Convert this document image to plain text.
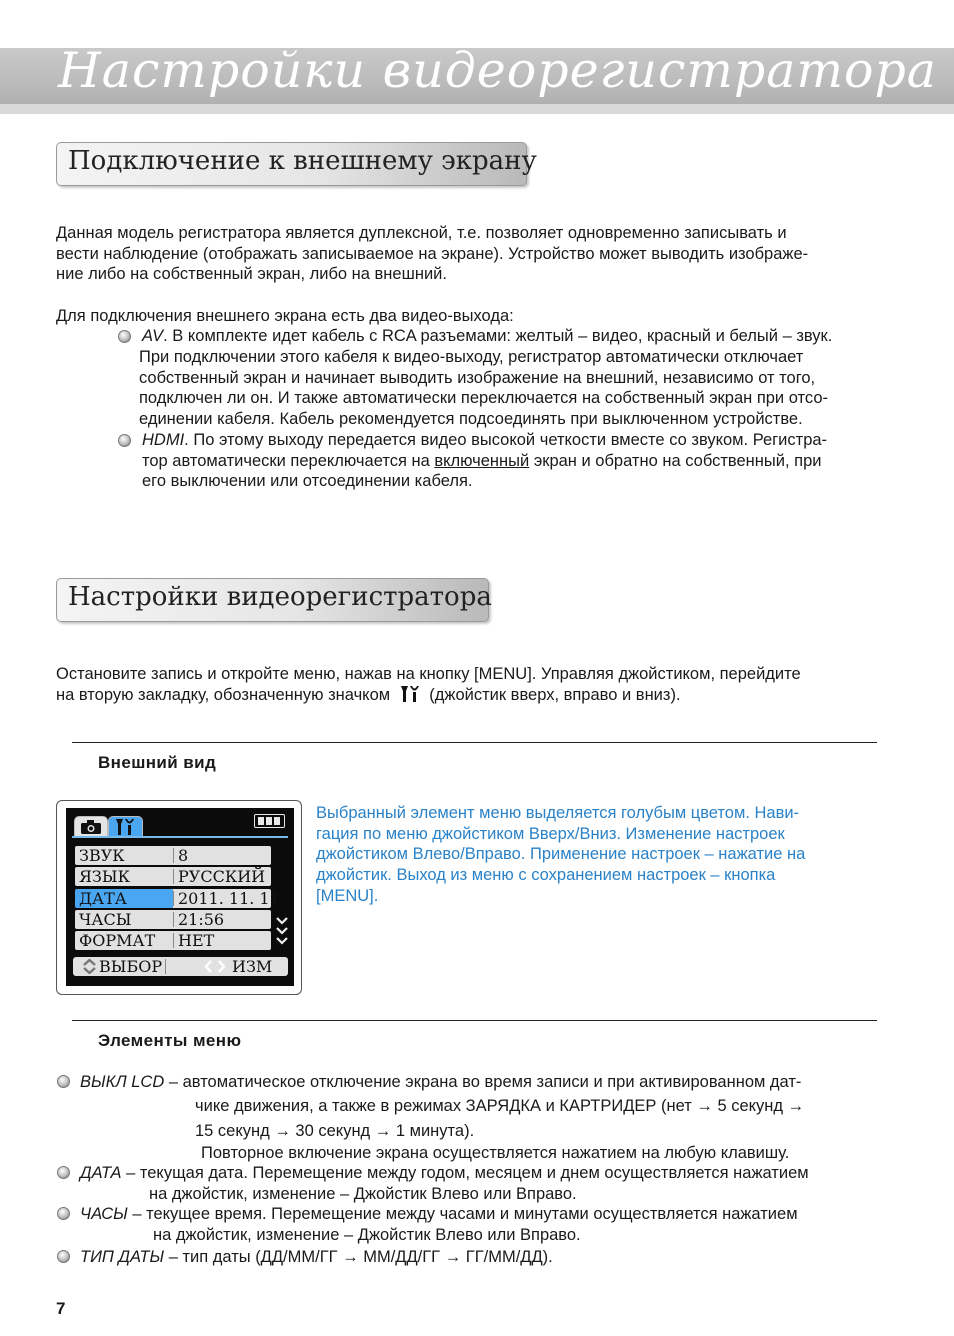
Настройки видеорегистратора
Подключение к внешнему экрану
Данная модель регистратора является дуплексной, т.е. позволяет одновременно записывать и
вести наблюдение (отображать записываемое на экране). Устройство может выводить изображе-
ние либо на собственный экран, либо на внешний.
Для подключения внешнего экрана есть два видео-выхода:
AV. В комплекте идет кабель с RCA разъемами: желтый – видео, красный и белый – звук.
При подключении этого кабеля к видео-выходу, регистратор автоматически отключает
собственный экран и начинает выводить изображение на внешний, независимо от того,
подключен ли он. И также автоматически переключается на собственный экран при отсо-
единении кабеля. Кабель рекомендуется подсоединять при выключенном устройстве.
HDMI. По этому выходу передается видео высокой четкости вместе со звуком. Регистра-
тор автоматически переключается на включенный экран и обратно на собственный, при
его выключении или отсоединении кабеля.
Настройки видеорегистратора
Остановите запись и откройте меню, нажав на кнопку [MENU]. Управляя джойстиком, перейдите
на вторую закладку, обозначенную значком (джойстик вверх, вправо и вниз).
Внешний вид
ЗВУК	8
ЯЗЫК	РУССКИЙ
ДАТА	2011. 11. 11
ЧАСЫ	21:56
ФОРМАТ НЕТ
ВЫБОР	ИЗМ
Выбранный элемент меню выделяется голубым цветом. Нави-
гация по меню джойстиком Вверх/Вниз. Изменение настроек
джойстиком Влево/Вправо. Применение настроек – нажатие на
джойстик. Выход из меню с сохранением настроек – кнопка
[MENU].
Элементы меню
ВЫКЛ LCD – автоматическое отключение экрана во время записи и при активированном дат-
чике движения, а также в режимах ЗАРЯДКА и КАРТРИДЕР (нет → 5 секунд →
15 секунд → 30 секунд → 1 минута).
Повторное включение экрана осуществляется нажатием на любую клавишу.
ДАТА – текущая дата. Перемещение между годом, месяцем и днем осуществляется нажатием
на джойстик, изменение – Джойстик Влево или Вправо.
ЧАСЫ – текущее время. Перемещение между часами и минутами осуществляется нажатием
на джойстик, изменение – Джойстик Влево или Вправо.
ТИП ДАТЫ – тип даты (ДД/ММ/ГГ → ММ/ДД/ГГ → ГГ/ММ/ДД).
7
